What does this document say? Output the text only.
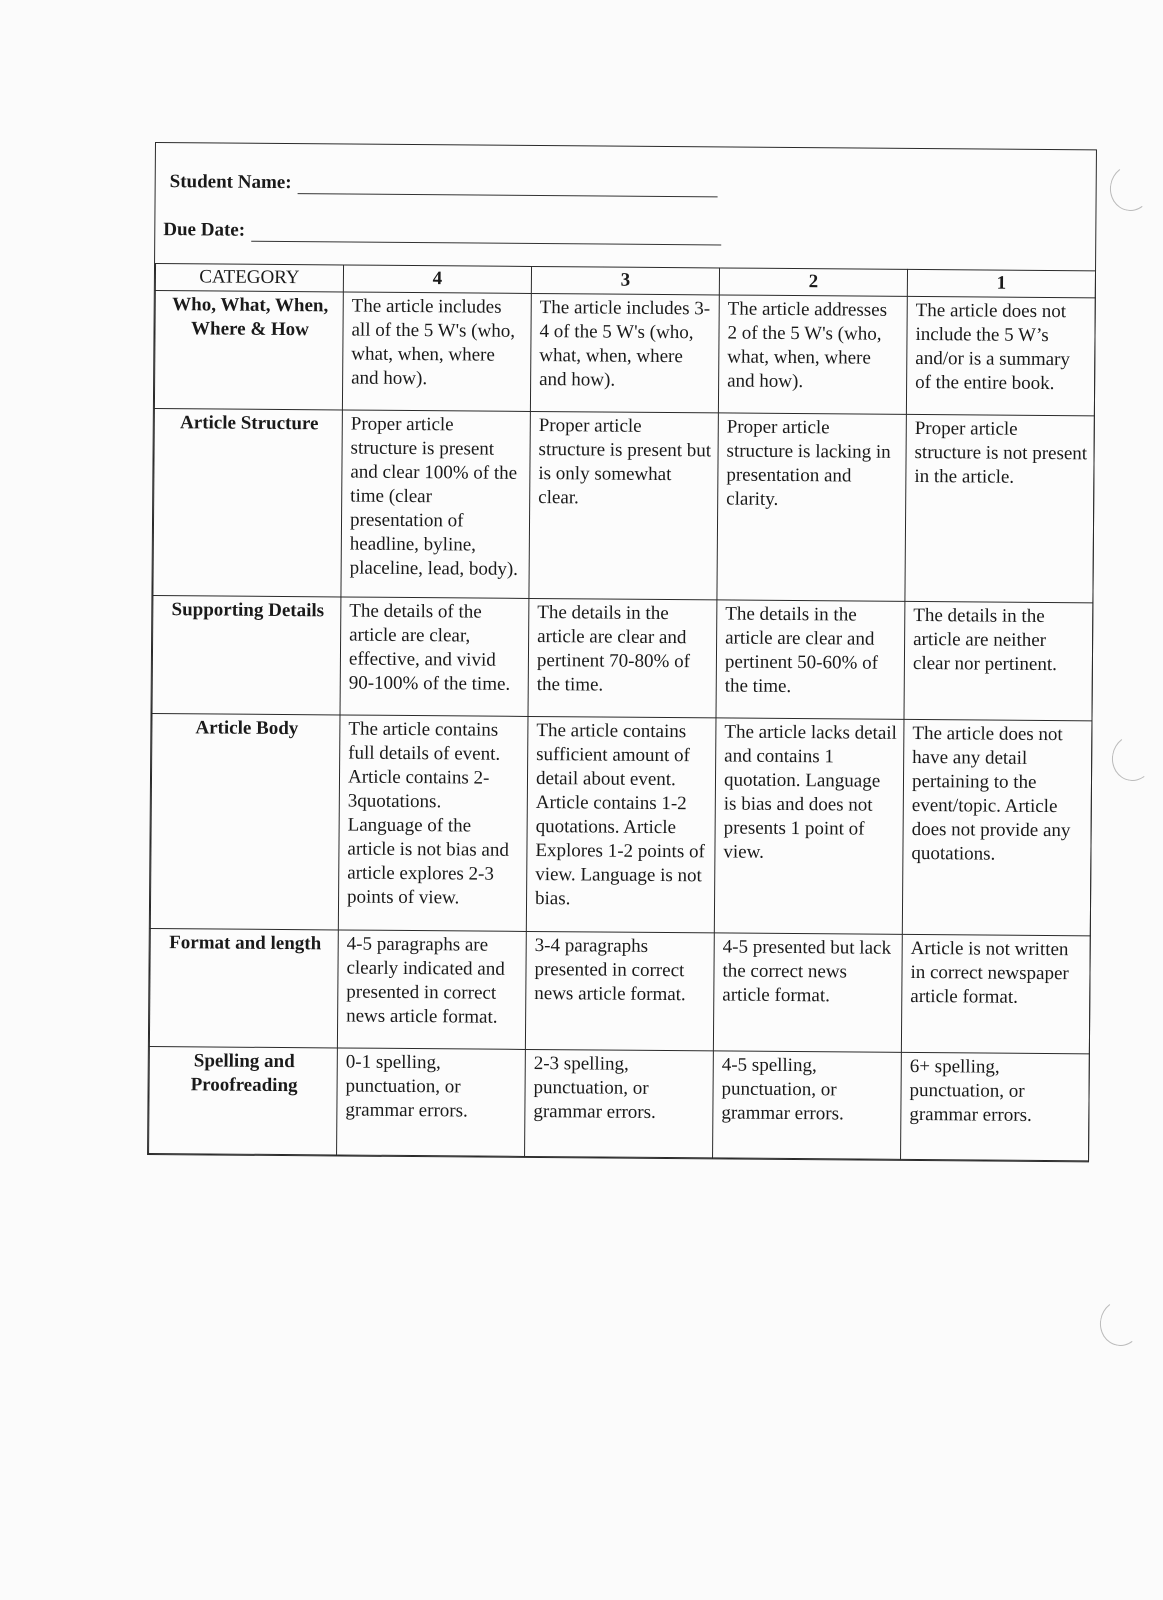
Student Name:
Due Date:
CATEGORY	4	3	2	1
Who, What, When, Where & How	The article includes all of the 5 W's (who, what, when, where and how).	The article includes 3-4 of the 5 W's (who, what, when, where and how).	The article addresses 2 of the 5 W's (who, what, when, where and how).	The article does not include the 5 W’s and/or is a summary of the entire book.
Article Structure	Proper article structure is present and clear 100% of the time (clear presentation of headline, byline, placeline, lead, body).	Proper article structure is present but is only somewhat clear.	Proper article structure is lacking in presentation and clarity.	Proper article structure is not present in the article.
Supporting Details	The details of the article are clear, effective, and vivid 90-100% of the time.	The details in the article are clear and pertinent 70-80% of the time.	The details in the article are clear and pertinent 50-60% of the time.	The details in the article are neither clear nor pertinent.
Article Body	The article contains full details of event. Article contains 2-3quotations. Language of the article is not bias and article explores 2-3 points of view.	The article contains sufficient amount of detail about event. Article contains 1-2 quotations. Article Explores 1-2 points of view. Language is not bias.	The article lacks detail and contains 1 quotation. Language is bias and does not presents 1 point of view.	The article does not have any detail pertaining to the event/topic. Article does not provide any quotations.
Format and length	4-5 paragraphs are clearly indicated and presented in correct news article format.	3-4 paragraphs presented in correct news article format.	4-5 presented but lack the correct news article format.	Article is not written in correct newspaper article format.
Spelling and Proofreading	0-1 spelling, punctuation, or grammar errors.	2-3 spelling, punctuation, or grammar errors.	4-5 spelling, punctuation, or grammar errors.	6+ spelling, punctuation, or grammar errors.
